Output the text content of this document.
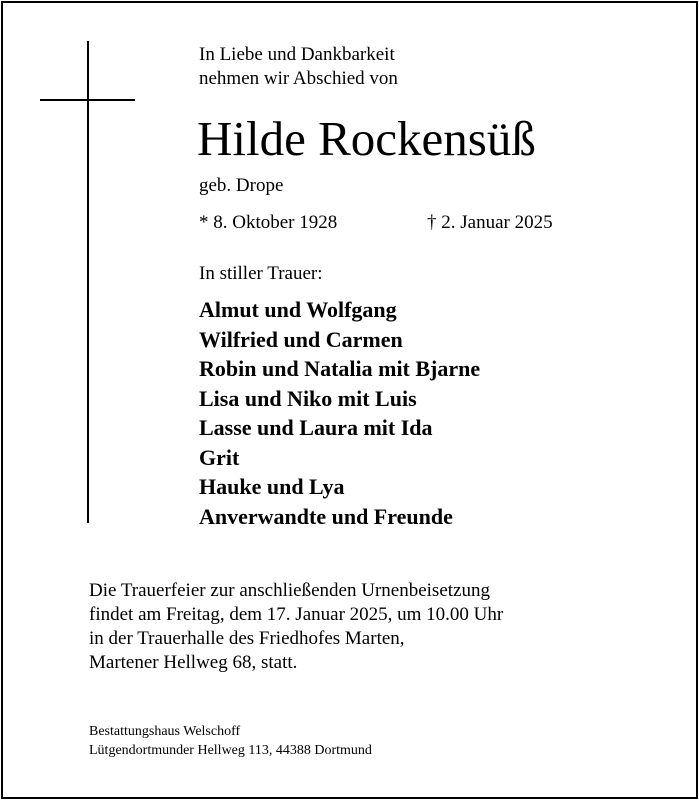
In Liebe und Dankbarkeit
nehmen wir Abschied von
Hilde Rockensüß
geb. Drope
* 8. Oktober 1928	† 2. Januar 2025
In stiller Trauer:
Almut und Wolfgang
Wilfried und Carmen
Robin und Natalia mit Bjarne
Lisa und Niko mit Luis
Lasse und Laura mit Ida
Grit
Hauke und Lya
Anverwandte und Freunde
Die Trauerfeier zur anschließenden Urnenbeisetzung
findet am Freitag, dem 17. Januar 2025, um 10.00 Uhr
in der Trauerhalle des Friedhofes Marten,
Martener Hellweg 68, statt.
Bestattungshaus Welschoff
Lütgendortmunder Hellweg 113, 44388 Dortmund
